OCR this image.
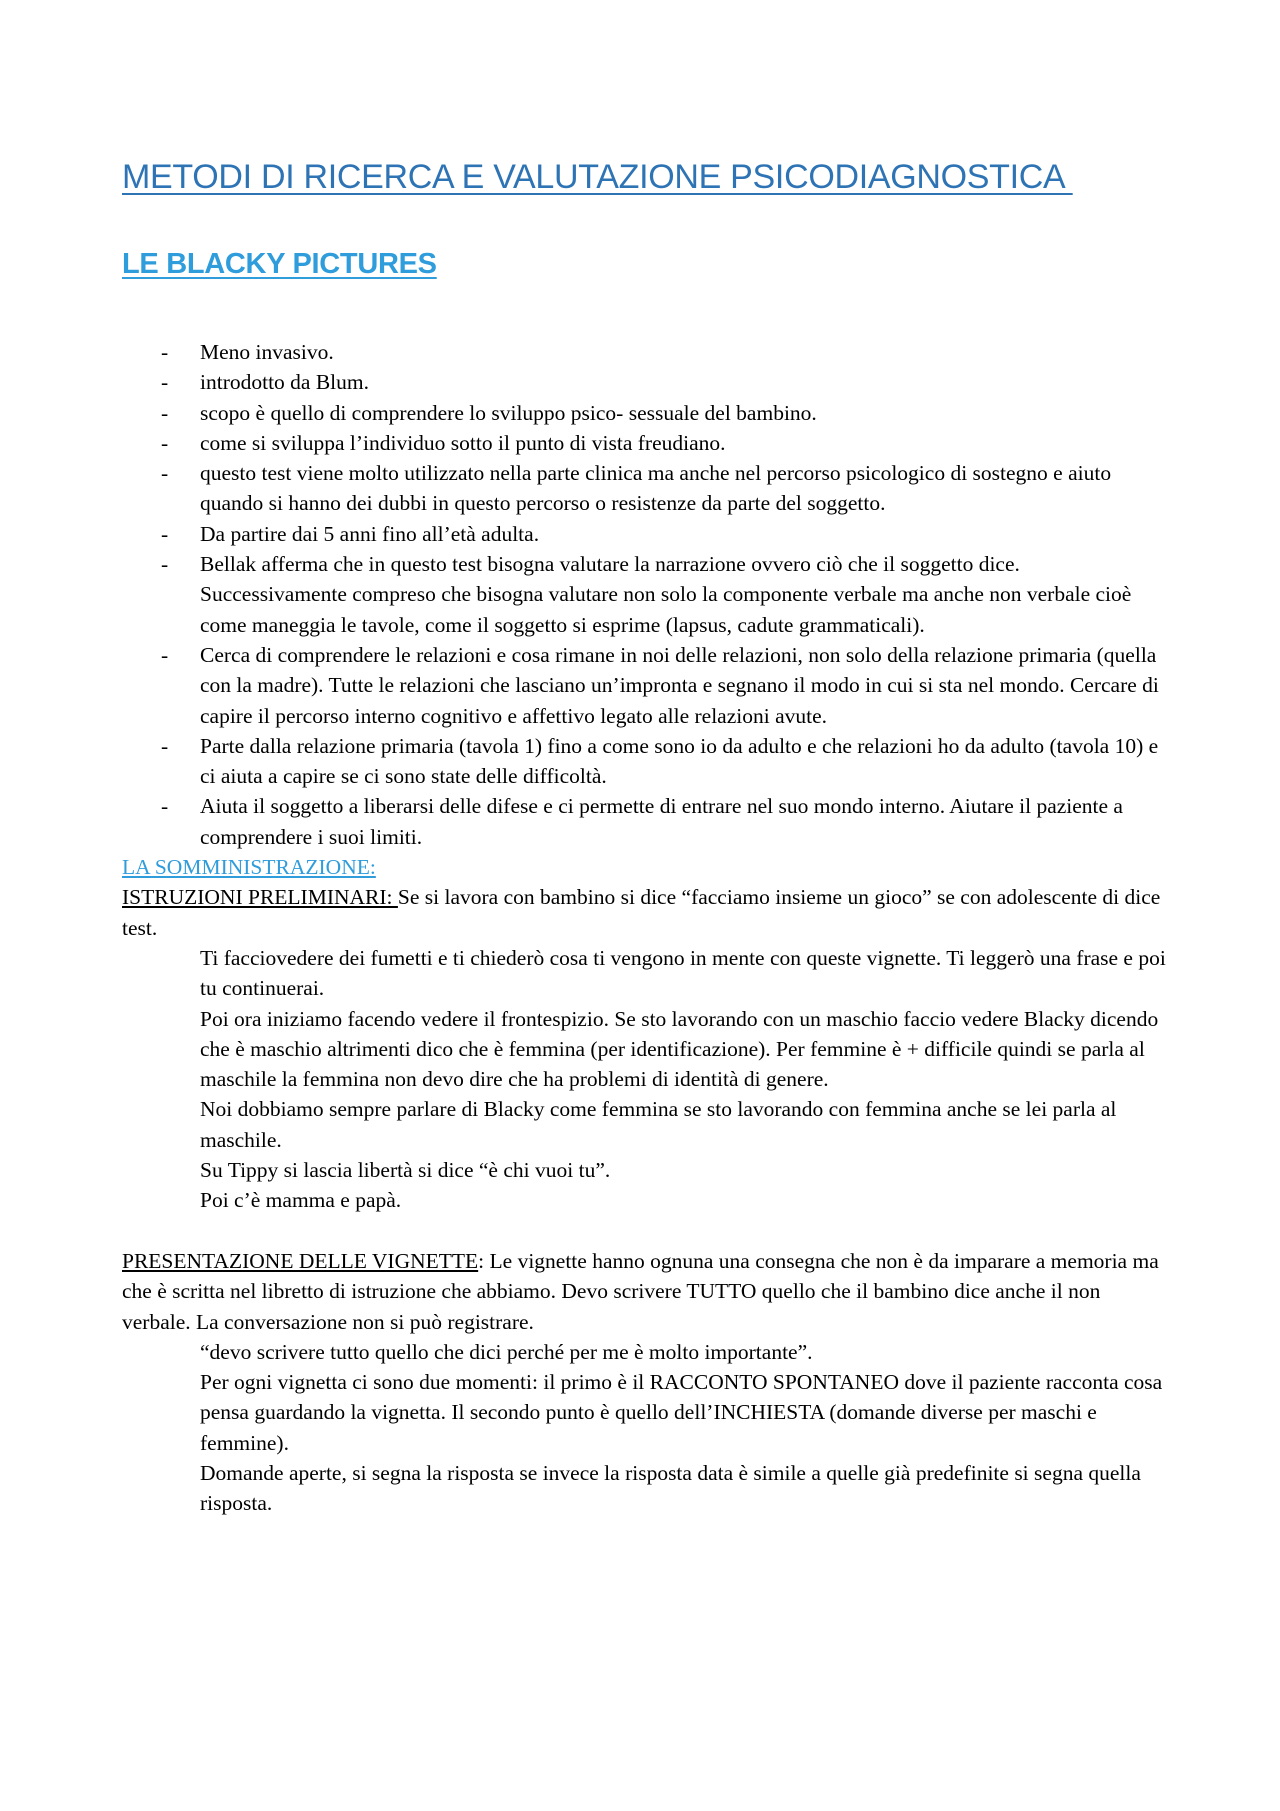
METODI DI RICERCA E VALUTAZIONE PSICODIAGNOSTICA
LE BLACKY PICTURES
- Meno invasivo.
- introdotto da Blum.
- scopo è quello di comprendere lo sviluppo psico- sessuale del bambino.
- come si sviluppa l’individuo sotto il punto di vista freudiano.
- questo test viene molto utilizzato nella parte clinica ma anche nel percorso psicologico di sostegno e aiuto quando si hanno dei dubbi in questo percorso o resistenze da parte del soggetto.
- Da partire dai 5 anni fino all’età adulta.
- Bellak afferma che in questo test bisogna valutare la narrazione ovvero ciò che il soggetto dice. Successivamente compreso che bisogna valutare non solo la componente verbale ma anche non verbale cioè come maneggia le tavole, come il soggetto si esprime (lapsus, cadute grammaticali).
- Cerca di comprendere le relazioni e cosa rimane in noi delle relazioni, non solo della relazione primaria (quella con la madre). Tutte le relazioni che lasciano un’impronta e segnano il modo in cui si sta nel mondo. Cercare di capire il percorso interno cognitivo e affettivo legato alle relazioni avute.
- Parte dalla relazione primaria (tavola 1) fino a come sono io da adulto e che relazioni ho da adulto (tavola 10) e ci aiuta a capire se ci sono state delle difficoltà.
- Aiuta il soggetto a liberarsi delle difese e ci permette di entrare nel suo mondo interno. Aiutare il paziente a comprendere i suoi limiti.

LA SOMMINISTRAZIONE:

ISTRUZIONI PRELIMINARI: Se si lavora con bambino si dice “facciamo insieme un gioco” se con adolescente di dice test.

Ti facciovedere dei fumetti e ti chiederò cosa ti vengono in mente con queste vignette. Ti leggerò una frase e poi tu continuerai.

Poi ora iniziamo facendo vedere il frontespizio. Se sto lavorando con un maschio faccio vedere Blacky dicendo che è maschio altrimenti dico che è femmina (per identificazione). Per femmine è + difficile quindi se parla al maschile la femmina non devo dire che ha problemi di identità di genere.

Noi dobbiamo sempre parlare di Blacky come femmina se sto lavorando con femmina anche se lei parla al maschile.

Su Tippy si lascia libertà si dice “è chi vuoi tu”.

Poi c’è mamma e papà.

PRESENTAZIONE DELLE VIGNETTE: Le vignette hanno ognuna una consegna che non è da imparare a memoria ma che è scritta nel libretto di istruzione che abbiamo. Devo scrivere TUTTO quello che il bambino dice anche il non verbale. La conversazione non si può registrare.

“devo scrivere tutto quello che dici perché per me è molto importante”.

Per ogni vignetta ci sono due momenti: il primo è il RACCONTO SPONTANEO dove il paziente racconta cosa pensa guardando la vignetta. Il secondo punto è quello dell’INCHIESTA (domande diverse per maschi e femmine).

Domande aperte, si segna la risposta se invece la risposta data è simile a quelle già predefinite si segna quella risposta.
